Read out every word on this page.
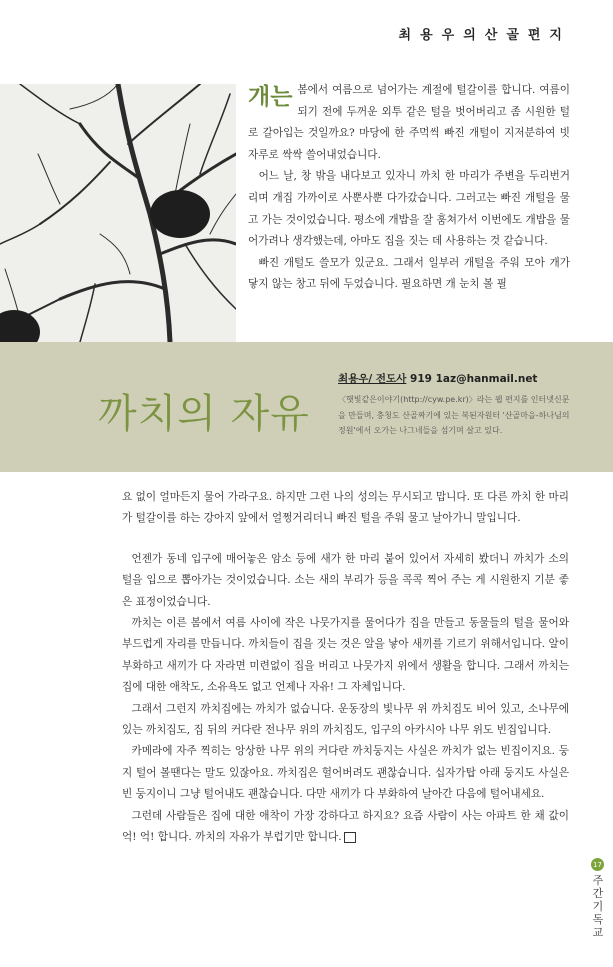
최용우의산골편지

개는 봄에서 여름으로 넘어가는 계절에 털갈이를 합니다. 여름이 되기 전에 두꺼운 외투 같은 털을 벗어버리고 좀 시원한 털로 갈아입는 것일까요? 마당에 한 주먹씩 빠진 개털이 지저분하여 빗자루로 싹싹 쓸어내었습니다.

어느 날, 창 밖을 내다보고 있자니 까치 한 마리가 주변을 두리번거리며 개집 가까이로 사뿐사뿐 다가갔습니다. 그러고는 빠진 개털을 물고 가는 것이었습니다. 평소에 개밥을 잘 훔쳐가서 이번에도 개밥을 물어가려나 생각했는데, 아마도 집을 짓는 데 사용하는 것 같습니다.

빠진 개털도 쓸모가 있군요. 그래서 일부러 개털을 주워 모아 개가 닿지 않는 창고 뒤에 두었습니다. 필요하면 개 눈치 볼 필

까치의 자유
최용우/ 전도사 919 1az@hanmail.net
〈햇빛같은이야기(http://cyw.pe.kr)〉라는 웹 편지를 인터넷신문을 만들며, 충청도 산골짜기에 있는 복된자원터 '산골마을-하나님의 정원'에서 오가는 나그네들을 섬기며 살고 있다.

요 없이 얼마든지 물어 가라구요. 하지만 그런 나의 성의는 무시되고 맙니다. 또 다른 까치 한 마리가 털갈이를 하는 강아지 앞에서 얼쩡거리더니 빠진 털을 주워 물고 날아가니 말입니다.

언젠가 동네 입구에 매어놓은 암소 등에 새가 한 마리 붙어 있어서 자세히 봤더니 까치가 소의 털을 입으로 뽑아가는 것이었습니다. 소는 새의 부리가 등을 콕콕 찍어 주는 게 시원한지 기분 좋은 표정이었습니다.

까치는 이른 봄에서 여름 사이에 작은 나뭇가지를 물어다가 집을 만들고 동물들의 털을 물어와 부드럽게 자리를 만듭니다. 까치들이 집을 짓는 것은 알을 낳아 새끼를 기르기 위해서입니다. 알이 부화하고 새끼가 다 자라면 미련없이 집을 버리고 나뭇가지 위에서 생활을 합니다. 그래서 까치는 집에 대한 애착도, 소유욕도 없고 언제나 자유! 그 자체입니다.

그래서 그런지 까치집에는 까치가 없습니다. 운동장의 빛나무 위 까치집도 비어 있고, 소나무에 있는 까치집도, 집 뒤의 커다란 전나무 위의 까치집도, 입구의 아카시아 나무 위도 빈집입니다.

카메라에 자주 찍히는 앙상한 나무 위의 커다란 까치둥지는 사실은 까치가 없는 빈집이지요. 둥지 털어 볼땐다는 말도 있잖아요. 까치집은 헐어버려도 괜찮습니다. 십자가탑 아래 둥지도 사실은 빈 둥지이니 그냥 털어내도 괜찮습니다. 다만 새끼가 다 부화하여 날아간 다음에 털어내세요.

그런데 사람들은 집에 대한 애착이 가장 강하다고 하지요? 요즘 사람이 사는 아파트 한 채 값이 억! 억! 합니다. 까치의 자유가 부럽기만 합니다.

17
주간기독교
